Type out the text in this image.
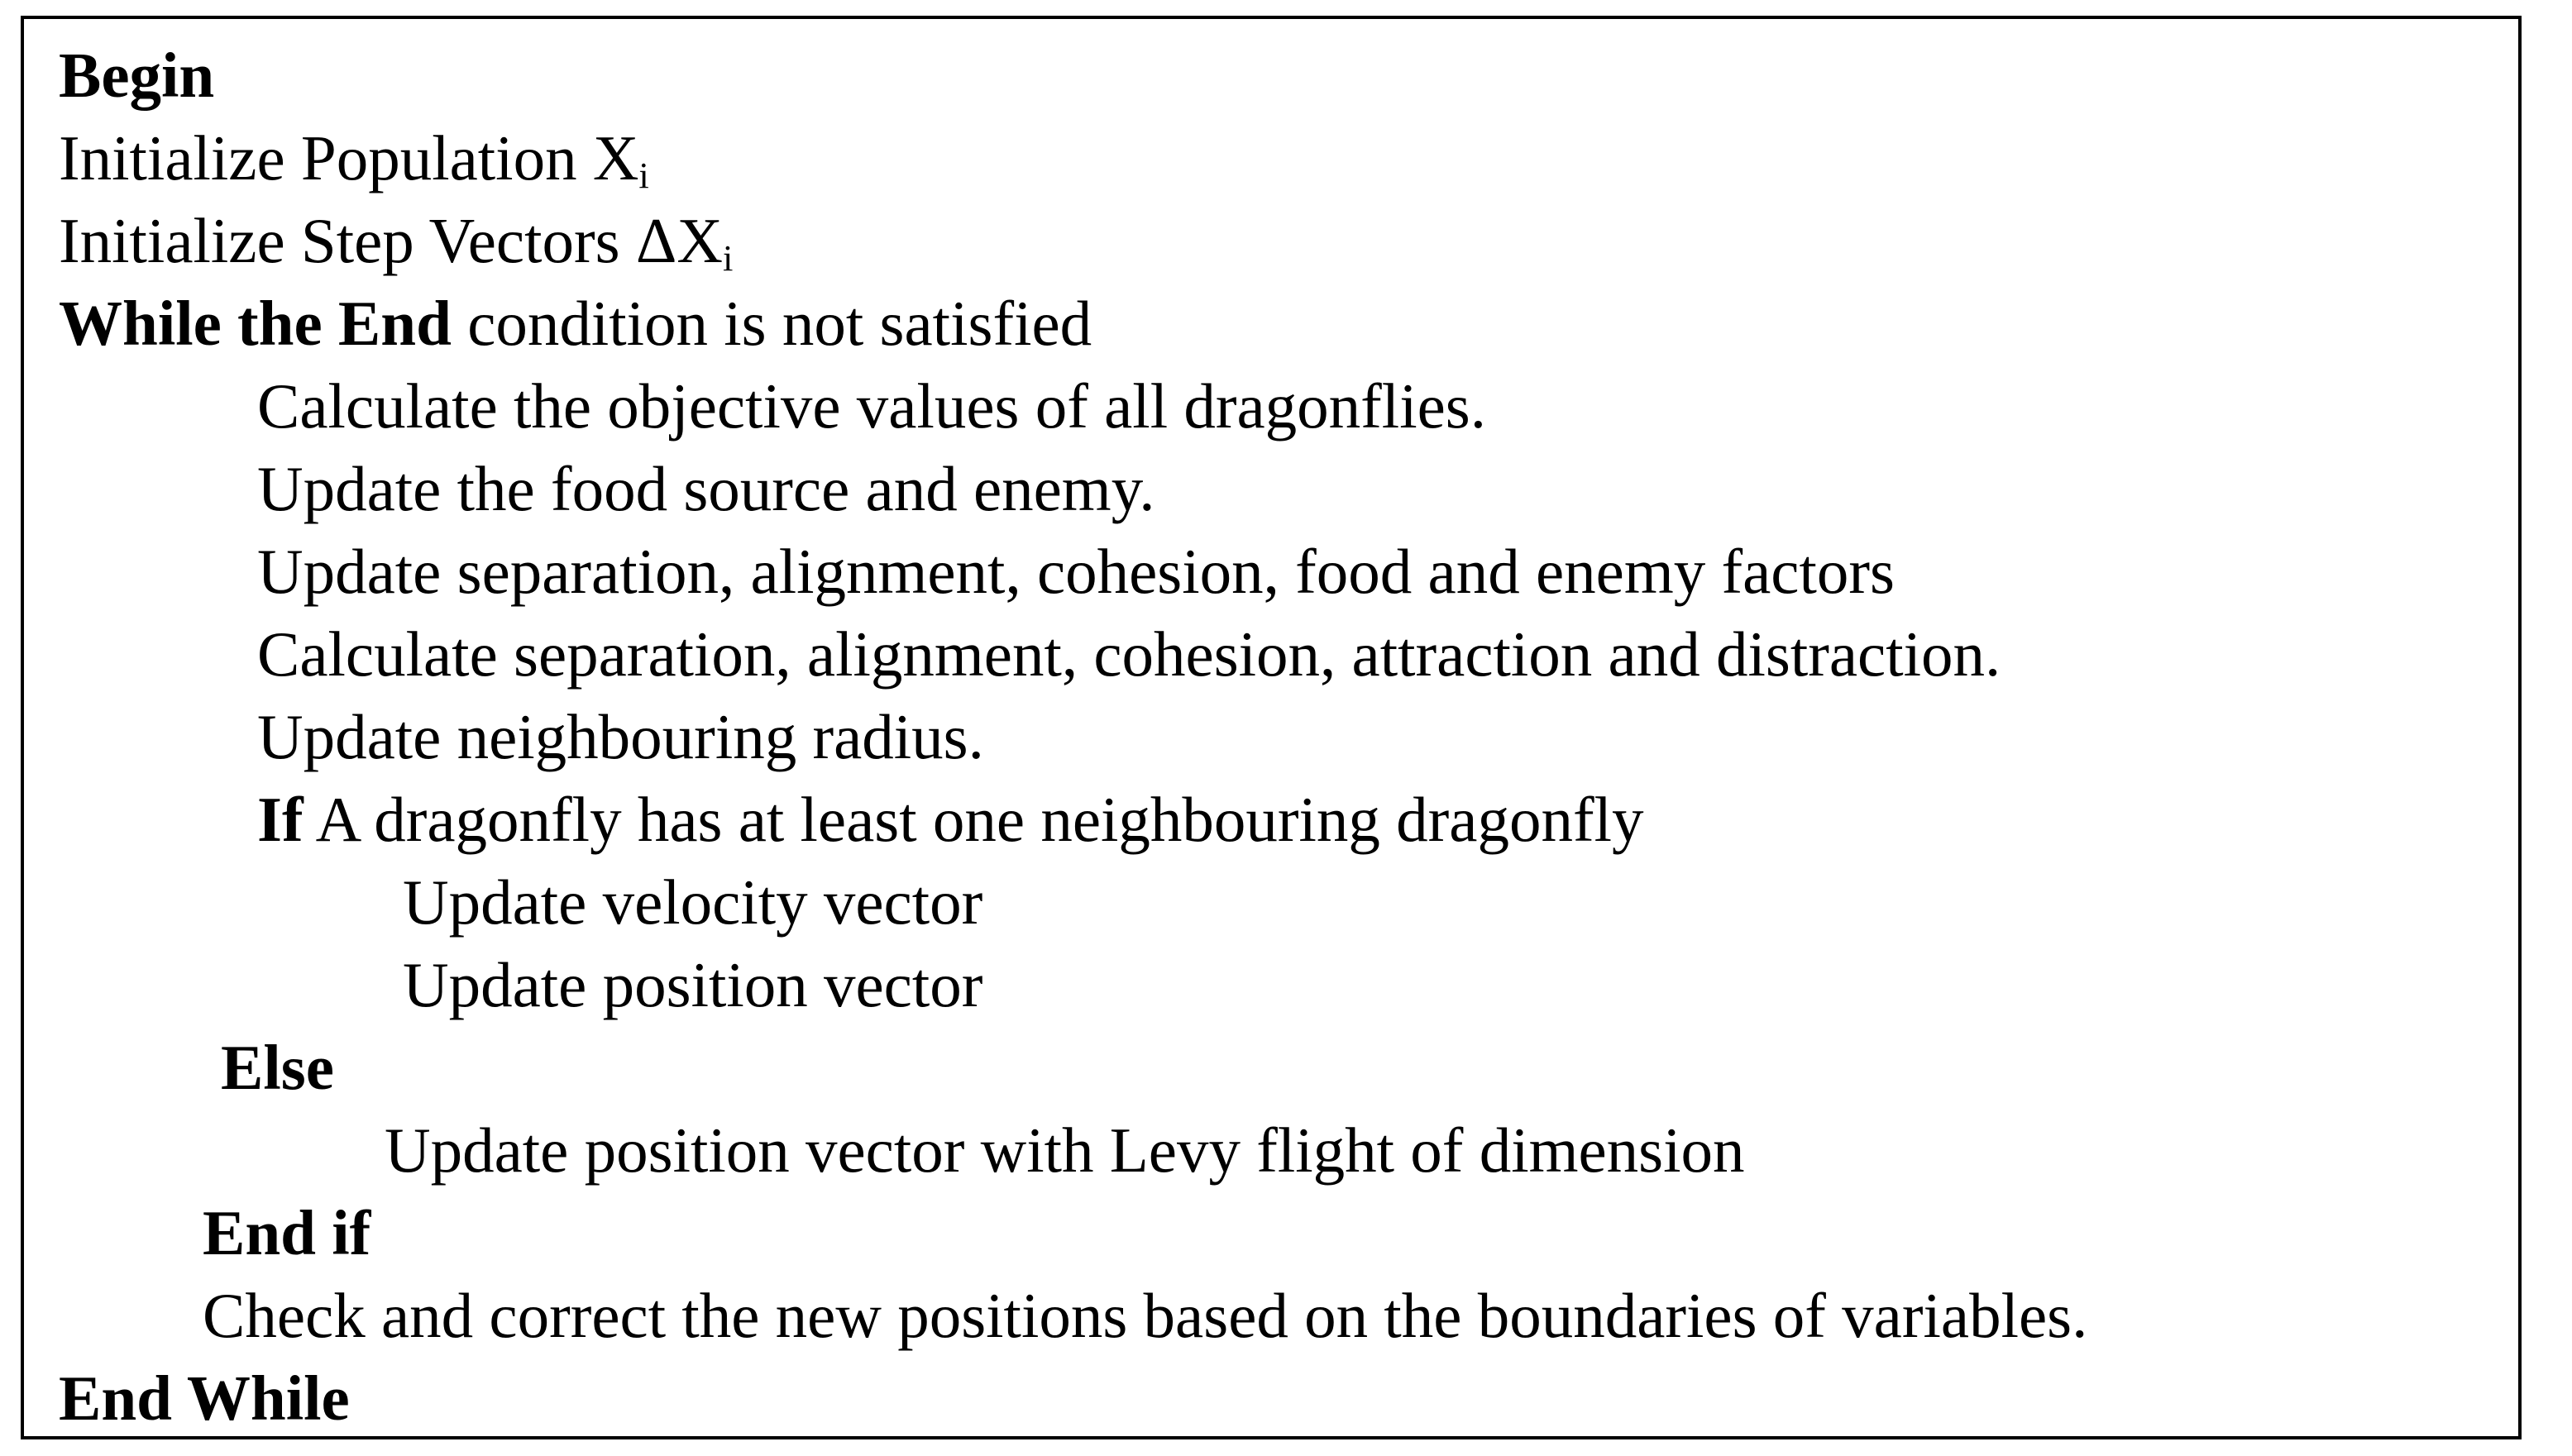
Begin
Initialize Population $X_i$
Initialize Step Vectors $\Delta X_i$
While the End condition is not satisfied
Calculate the objective values of all dragonflies.
Update the food source and enemy.
Update separation, alignment, cohesion, food and enemy factors
Calculate separation, alignment, cohesion, attraction and distraction.
Update neighbouring radius.
If A dragonfly has at least one neighbouring dragonfly
Update velocity vector
Update position vector
Else
Update position vector with Levy flight of dimension
End if
Check and correct the new positions based on the boundaries of variables.
End While
